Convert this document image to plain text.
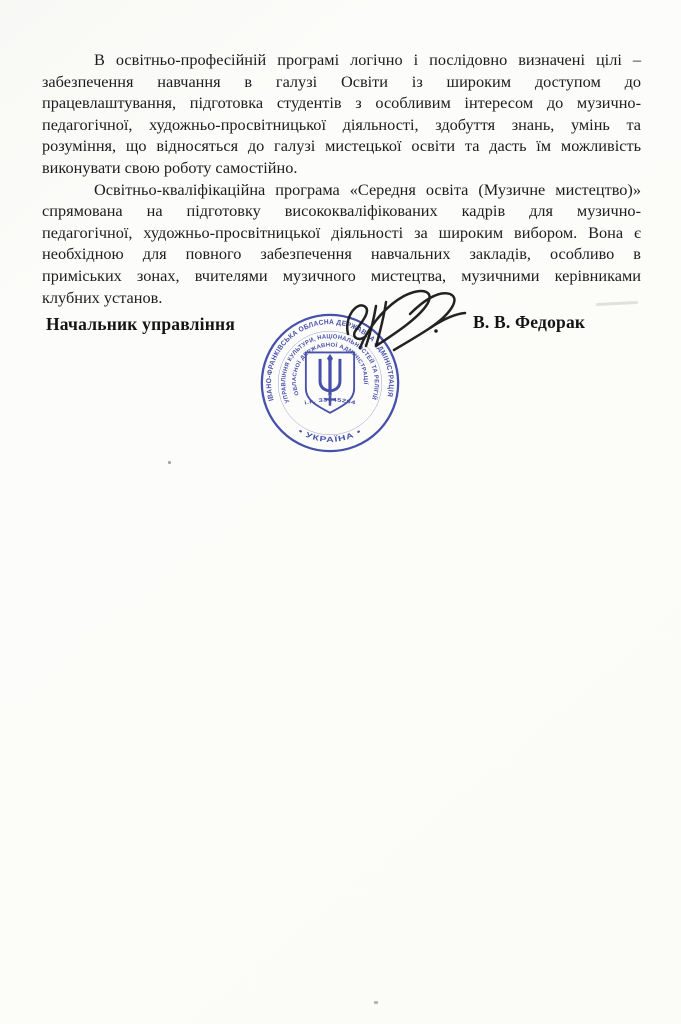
В освітньо-професійній програмі логічно і послідовно визначені цілі –
забезпечення навчання в галузі Освіти із широким доступом до
працевлаштування, підготовка студентів з особливим інтересом до музично-
педагогічної, художньо-просвітницької діяльності, здобуття знань, умінь та
розуміння, що відносяться до галузі мистецької освіти та дасть їм можливість
виконувати свою роботу самостійно.

Освітньо-кваліфікаційна програма «Середня освіта (Музичне мистецтво)»
спрямована на підготовку висококваліфікованих кадрів для музично-
педагогічної, художньо-просвітницької діяльності за широким вибором. Вона є
необхідною для повного забезпечення навчальних закладів, особливо в
приміських зонах, вчителями музичного мистецтва, музичними керівниками
клубних установ.

Начальник управління	В. В. Федорак
ІВАНО-ФРАНКІВСЬКА ОБЛАСНА ДЕРЖАВНА АДМІНІСТРАЦІЯ
УПРАВЛІННЯ КУЛЬТУРИ, НАЦІОНАЛЬНОСТЕЙ ТА РЕЛІГІЙ
ОБЛАСНОЇ ДЕРЖАВНОЇ АДМІНІСТРАЦІЇ
• УКРАЇНА •
і.к. 33645264
